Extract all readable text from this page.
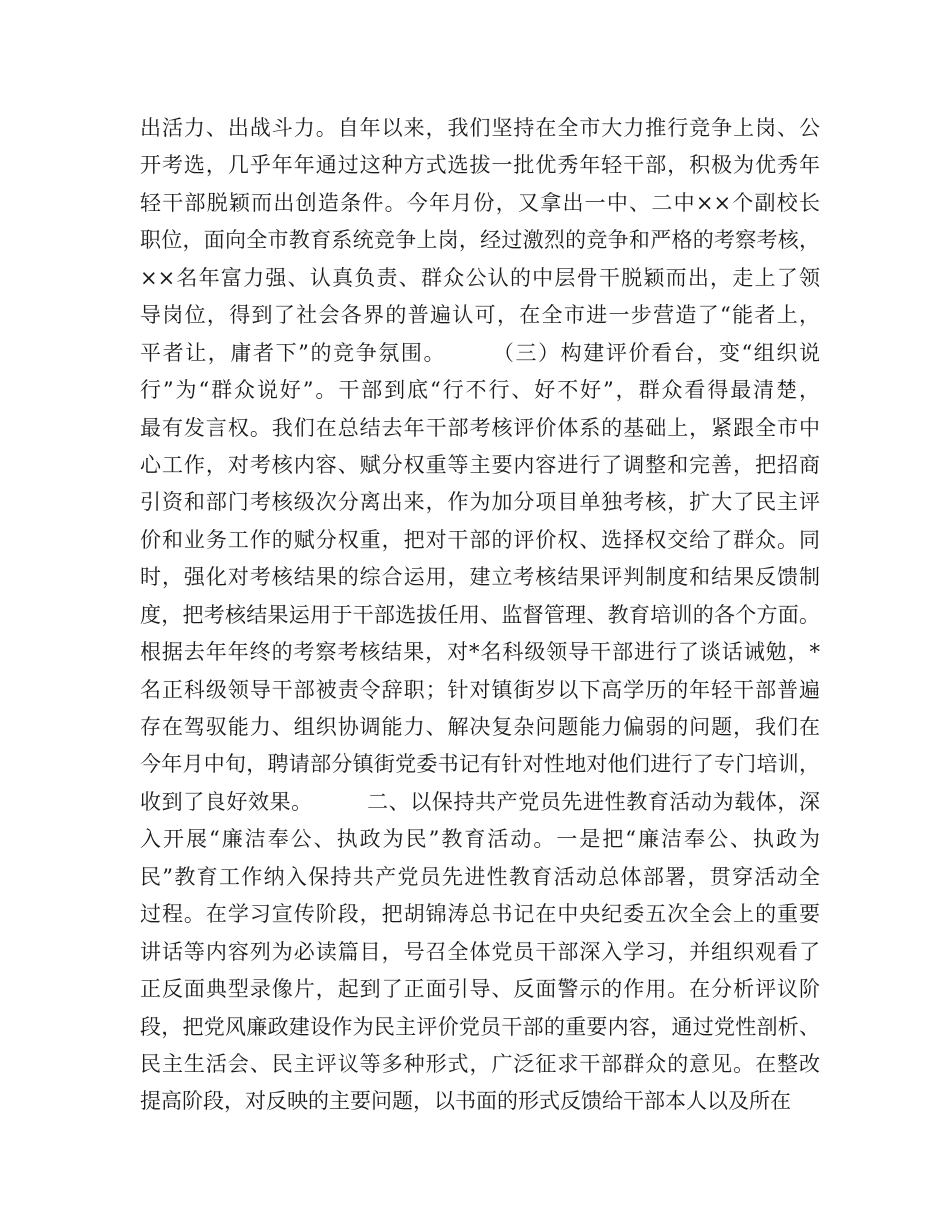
出活力、出战斗力。自年以来，我们坚持在全市大力推行竞争上岗、公
开考选，几乎年年通过这种方式选拔一批优秀年轻干部，积极为优秀年
轻干部脱颖而出创造条件。今年月份，又拿出一中、二中××个副校长
职位，面向全市教育系统竞争上岗，经过激烈的竞争和严格的考察考核，
××名年富力强、认真负责、群众公认的中层骨干脱颖而出，走上了领
导岗位，得到了社会各界的普遍认可，在全市进一步营造了“能者上，
平者让，庸者下”的竞争氛围。　　　（三）构建评价看台，变“组织说
行”为“群众说好”。干部到底“行不行、好不好”，群众看得最清楚，
最有发言权。我们在总结去年干部考核评价体系的基础上，紧跟全市中
心工作，对考核内容、赋分权重等主要内容进行了调整和完善，把招商
引资和部门考核级次分离出来，作为加分项目单独考核，扩大了民主评
价和业务工作的赋分权重，把对干部的评价权、选择权交给了群众。同
时，强化对考核结果的综合运用，建立考核结果评判制度和结果反馈制
度，把考核结果运用于干部选拔任用、监督管理、教育培训的各个方面。
根据去年年终的考察考核结果，对*名科级领导干部进行了谈话诫勉，*
名正科级领导干部被责令辞职；针对镇街岁以下高学历的年轻干部普遍
存在驾驭能力、组织协调能力、解决复杂问题能力偏弱的问题，我们在
今年月中旬，聘请部分镇街党委书记有针对性地对他们进行了专门培训，
收到了良好效果。　　　二、以保持共产党员先进性教育活动为载体，深
入开展“廉洁奉公、执政为民”教育活动。一是把“廉洁奉公、执政为
民”教育工作纳入保持共产党员先进性教育活动总体部署，贯穿活动全
过程。在学习宣传阶段，把胡锦涛总书记在中央纪委五次全会上的重要
讲话等内容列为必读篇目，号召全体党员干部深入学习，并组织观看了
正反面典型录像片，起到了正面引导、反面警示的作用。在分析评议阶
段，把党风廉政建设作为民主评价党员干部的重要内容，通过党性剖析、
民主生活会、民主评议等多种形式，广泛征求干部群众的意见。在整改
提高阶段，对反映的主要问题，以书面的形式反馈给干部本人以及所在
